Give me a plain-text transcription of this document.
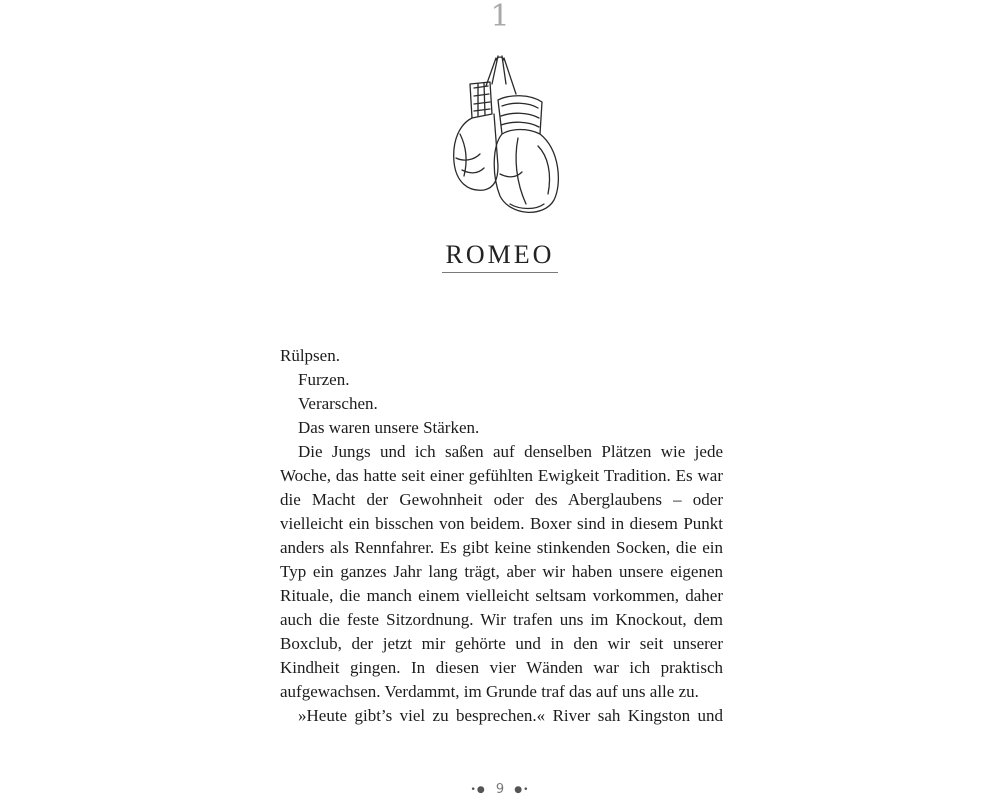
1
ROMEO

Rülpsen.

Furzen.

Verarschen.

Das waren unsere Stärken.

Die Jungs und ich saßen auf denselben Plätzen wie jede Woche, das hatte seit einer gefühlten Ewigkeit Tradition. Es war die Macht der Gewohnheit oder des Aberglaubens – oder vielleicht ein bisschen von beidem. Boxer sind in diesem Punkt anders als Rennfahrer. Es gibt keine stinkenden Socken, die ein Typ ein ganzes Jahr lang trägt, aber wir haben unsere eigenen Rituale, die manch einem vielleicht seltsam vorkommen, daher auch die feste Sitzordnung. Wir trafen uns im Knockout, dem Boxclub, der jetzt mir gehörte und in den wir seit unserer Kindheit gingen. In diesen vier Wänden war ich praktisch aufgewachsen. Verdammt, im Grunde traf das auf uns alle zu.

»Heute gibt’s viel zu besprechen.« River sah Kingston und

•● 9 ●•
